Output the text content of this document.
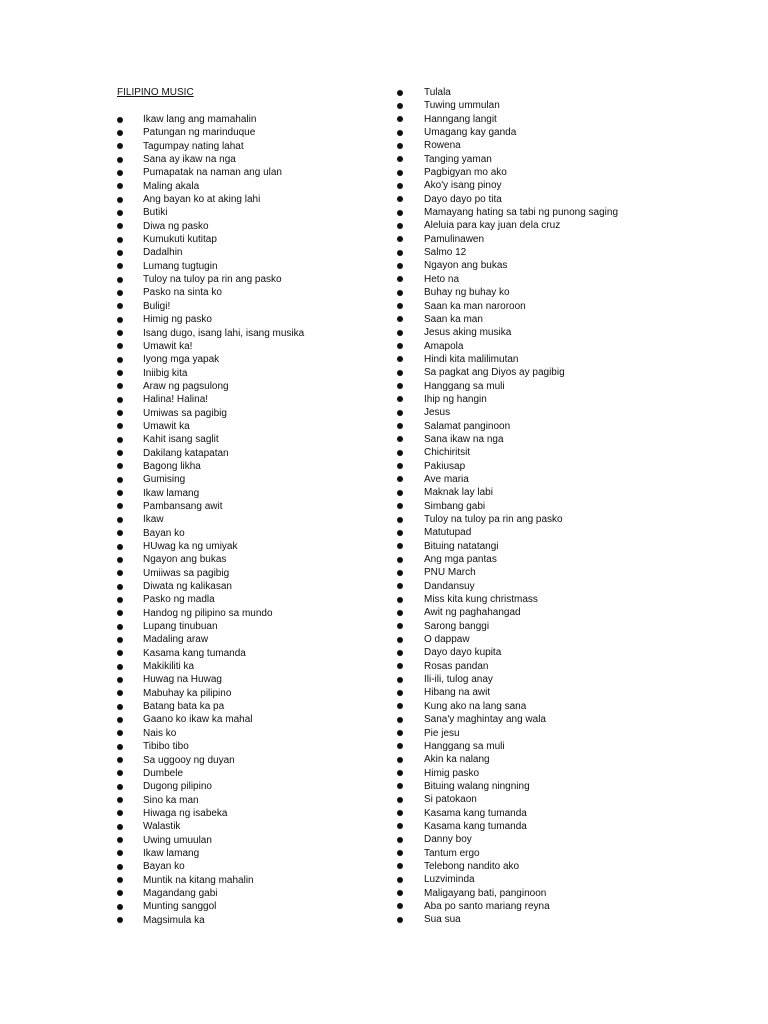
FILIPINO MUSIC
Ikaw lang ang mamahalin
Patungan ng marinduque
Tagumpay nating lahat
Sana ay ikaw na nga
Pumapatak na naman ang ulan
Maling akala
Ang bayan ko at aking lahi
Butiki
Diwa ng pasko
Kumukuti kutitap
Dadalhin
Lumang tugtugin
Tuloy na tuloy pa rin ang pasko
Pasko na sinta ko
Buligi!
Himig ng pasko
Isang dugo, isang lahi, isang musika
Umawit ka!
Iyong mga yapak
Iniibig kita
Araw ng pagsulong
Halina! Halina!
Umiwas sa pagibig
Umawit ka
Kahit isang saglit
Dakilang katapatan
Bagong likha
Gumising
Ikaw lamang
Pambansang awit
Ikaw
Bayan ko
HUwag ka ng umiyak
Ngayon ang bukas
Umiiwas sa pagibig
Diwata ng kalikasan
Pasko ng madla
Handog ng pilipino sa mundo
Lupang tinubuan
Madaling araw
Kasama kang tumanda
Makikiliti ka
Huwag na Huwag
Mabuhay ka pilipino
Batang bata ka pa
Gaano ko ikaw ka mahal
Nais ko
Tibibo tibo
Sa uggooy ng duyan
Dumbele
Dugong pilipino
Sino ka man
Hiwaga ng isabeka
Walastik
Uwing umuulan
Ikaw lamang
Bayan ko
Muntik na kitang mahalin
Magandang gabi
Munting sanggol
Magsimula ka
Tulala
Tuwing ummulan
Hanngang langit
Umagang kay ganda
Rowena
Tanging yaman
Pagbigyan mo ako
Ako'y isang pinoy
Dayo dayo po tita
Mamayang hating sa tabi ng punong saging
Aleluia para kay juan dela cruz
Pamulinawen
Salmo 12
Ngayon ang bukas
Heto na
Buhay ng buhay ko
Saan ka man naroroon
Saan ka man
Jesus aking musika
Amapola
Hindi kita malilimutan
Sa pagkat ang Diyos ay pagibig
Hanggang sa muli
Ihip ng hangin
Jesus
Salamat panginoon
Sana ikaw na nga
Chichiritsit
Pakiusap
Ave maria
Maknak lay labi
Simbang gabi
Tuloy na tuloy pa rin ang pasko
Matutupad
Bituing natatangi
Ang mga pantas
PNU March
Dandansuy
Miss kita kung christmass
Awit ng paghahangad
Sarong banggi
O dappaw
Dayo dayo kupita
Rosas pandan
Ili-ili, tulog anay
Hibang na awit
Kung ako na lang sana
Sana'y maghintay ang wala
Pie jesu
Hanggang sa muli
Akin ka nalang
Himig pasko
Bituing walang ningning
Si patokaon
Kasama kang tumanda
Kasama kang tumanda
Danny boy
Tantum ergo
Telebong nandito ako
Luzviminda
Maligayang bati, panginoon
Aba po santo mariang reyna
Sua sua
